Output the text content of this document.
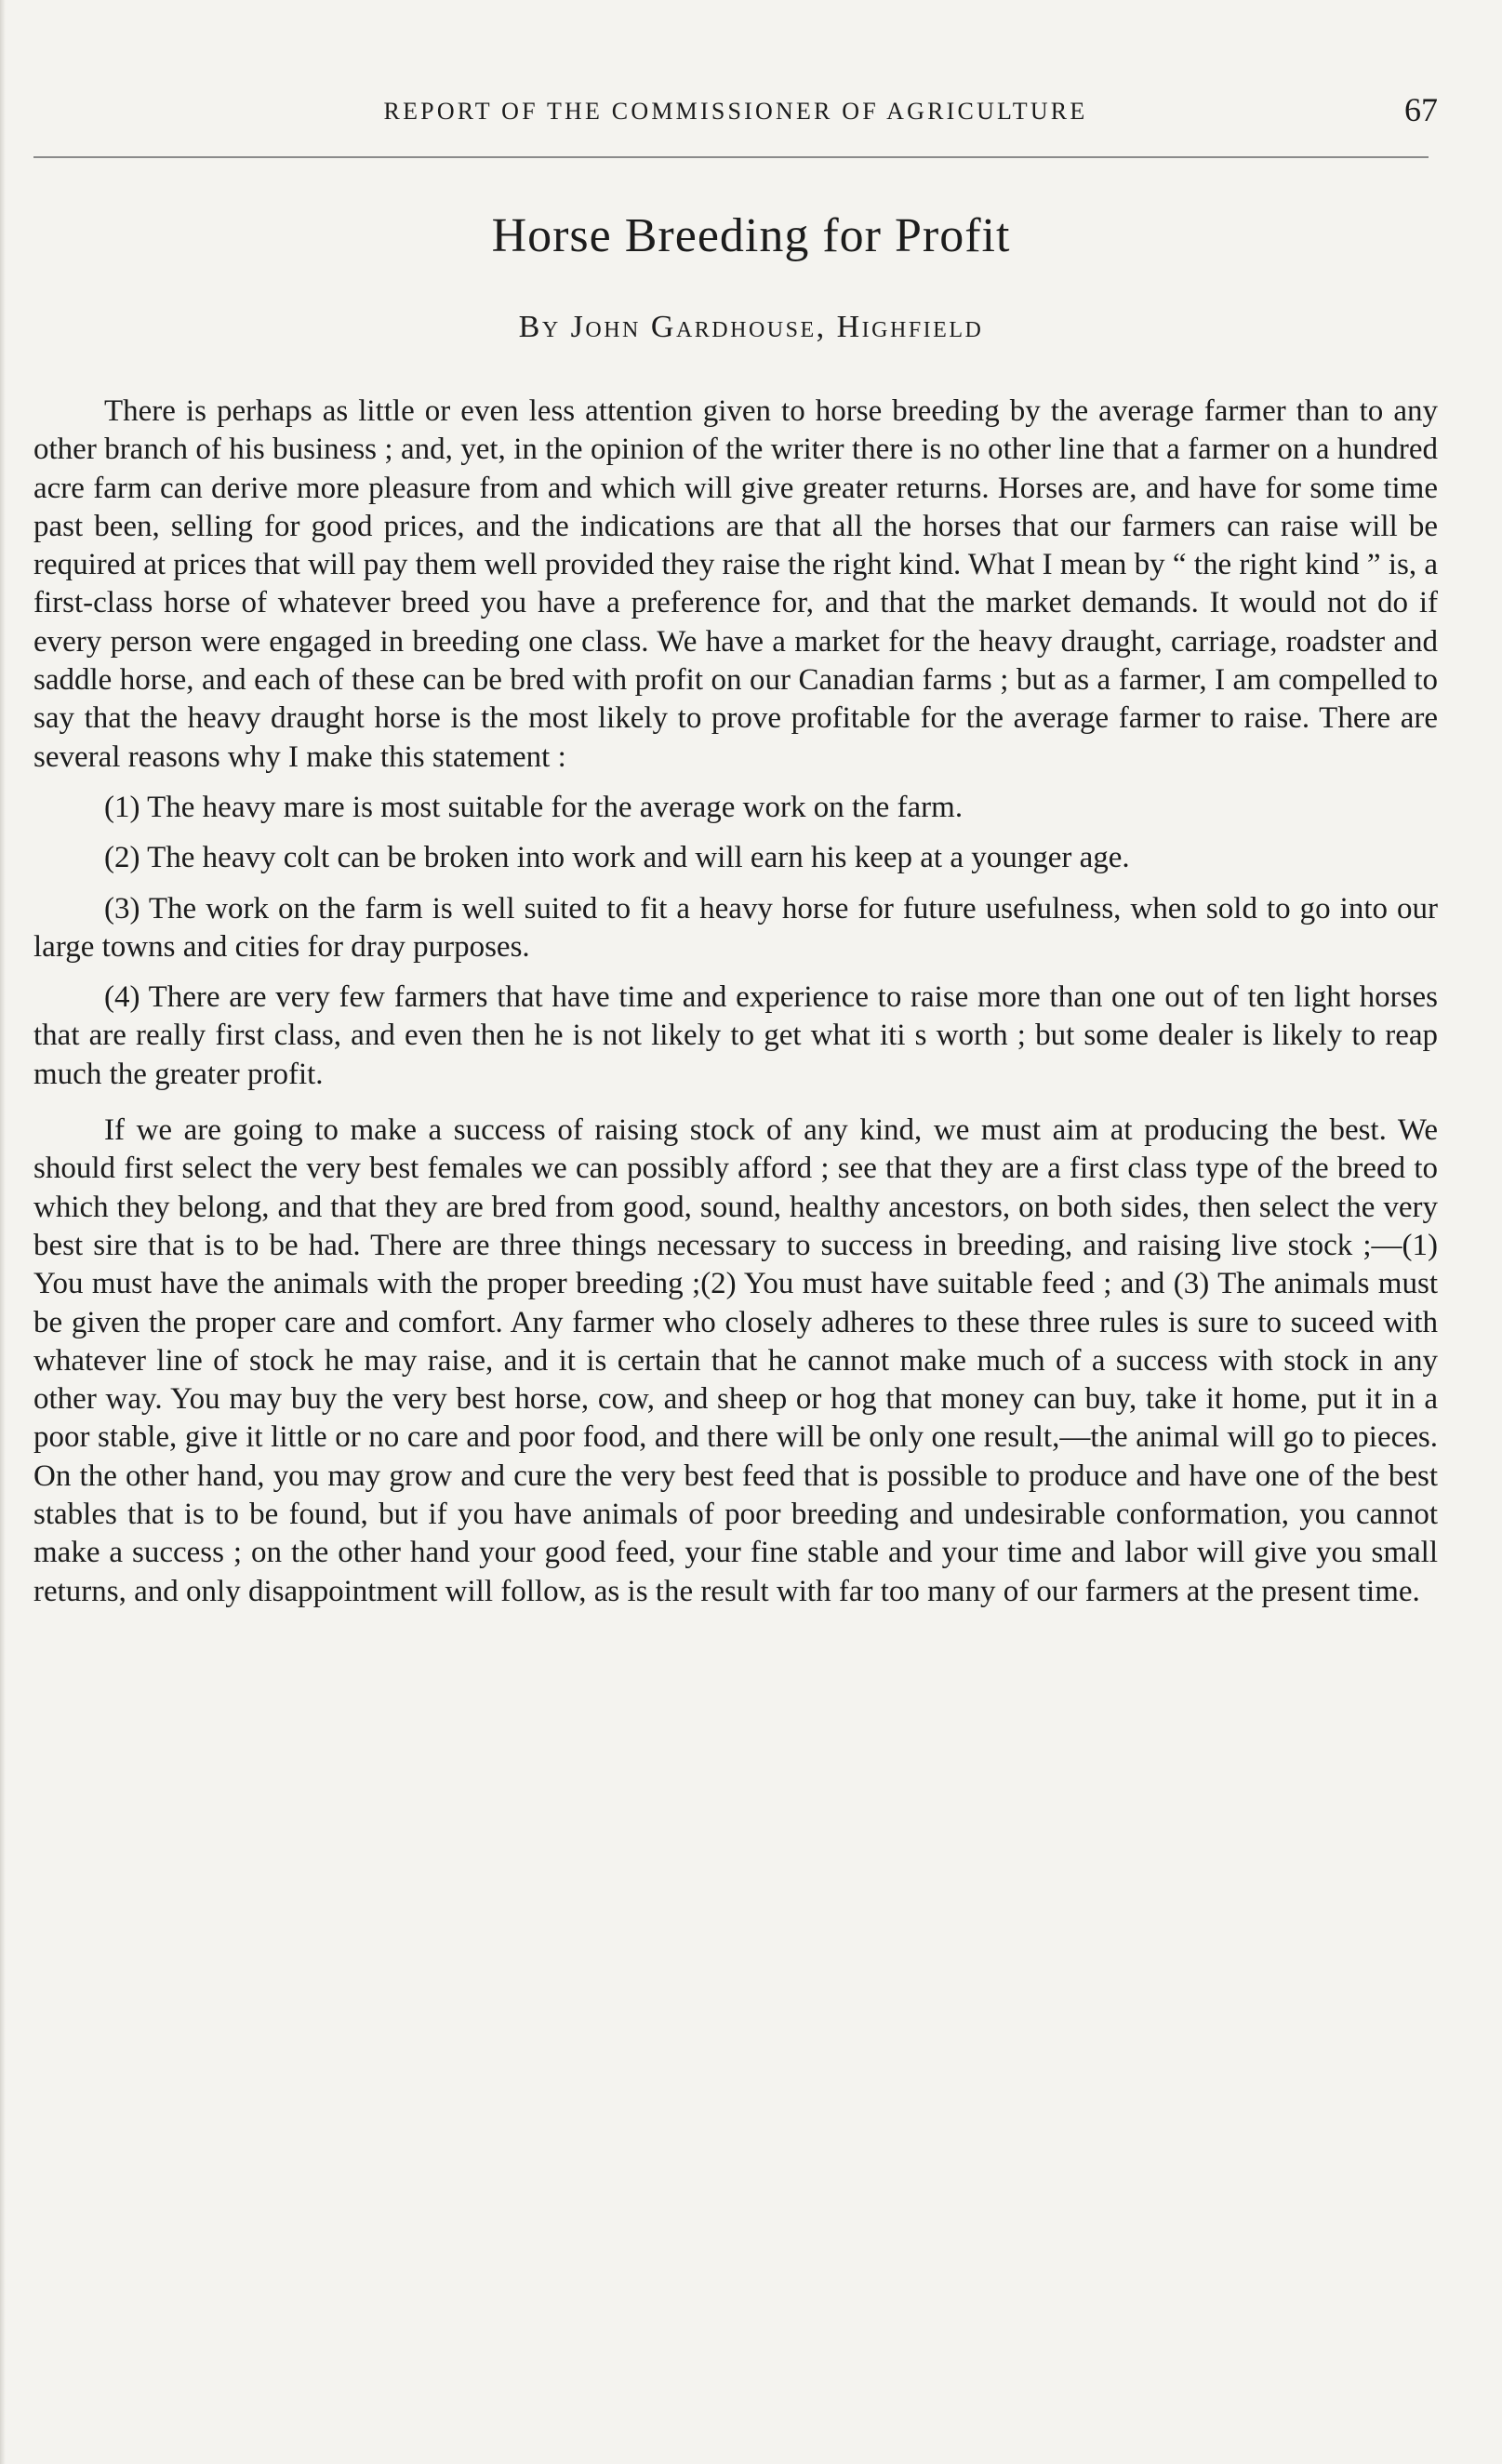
REPORT OF THE COMMISSIONER OF AGRICULTURE	67
Horse Breeding for Profit
By John Gardhouse, Highfield

There is perhaps as little or even less attention given to horse breeding by the average farmer than to any other branch of his business ; and, yet, in the opinion of the writer there is no other line that a farmer on a hundred acre farm can derive more pleasure from and which will give greater returns. Horses are, and have for some time past been, selling for good prices, and the indications are that all the horses that our farmers can raise will be required at prices that will pay them well provided they raise the right kind. What I mean by “ the right kind ” is, a first-class horse of whatever breed you have a preference for, and that the market demands. It would not do if every person were engaged in breeding one class. We have a market for the heavy draught, carriage, roadster and saddle horse, and each of these can be bred with profit on our Canadian farms ; but as a farmer, I am compelled to say that the heavy draught horse is the most likely to prove profitable for the average farmer to raise. There are several reasons why I make this statement :

(1) The heavy mare is most suitable for the average work on the farm.

(2) The heavy colt can be broken into work and will earn his keep at a younger age.

(3) The work on the farm is well suited to fit a heavy horse for future usefulness, when sold to go into our large towns and cities for dray purposes.

(4) There are very few farmers that have time and experience to raise more than one out of ten light horses that are really first class, and even then he is not likely to get what iti s worth ; but some dealer is likely to reap much the greater profit.

If we are going to make a success of raising stock of any kind, we must aim at producing the best. We should first select the very best females we can possibly afford ; see that they are a first class type of the breed to which they belong, and that they are bred from good, sound, healthy ancestors, on both sides, then select the very best sire that is to be had. There are three things necessary to success in breeding, and raising live stock ;—(1) You must have the animals with the proper breeding ;(2) You must have suitable feed ; and (3) The animals must be given the proper care and comfort. Any farmer who closely adheres to these three rules is sure to suceed with whatever line of stock he may raise, and it is certain that he cannot make much of a success with stock in any other way. You may buy the very best horse, cow, and sheep or hog that money can buy, take it home, put it in a poor stable, give it little or no care and poor food, and there will be only one result,—the animal will go to pieces. On the other hand, you may grow and cure the very best feed that is possible to produce and have one of the best stables that is to be found, but if you have animals of poor breeding and undesirable conformation, you cannot make a success ; on the other hand your good feed, your fine stable and your time and labor will give you small returns, and only disappointment will follow, as is the result with far too many of our farmers at the present time.
